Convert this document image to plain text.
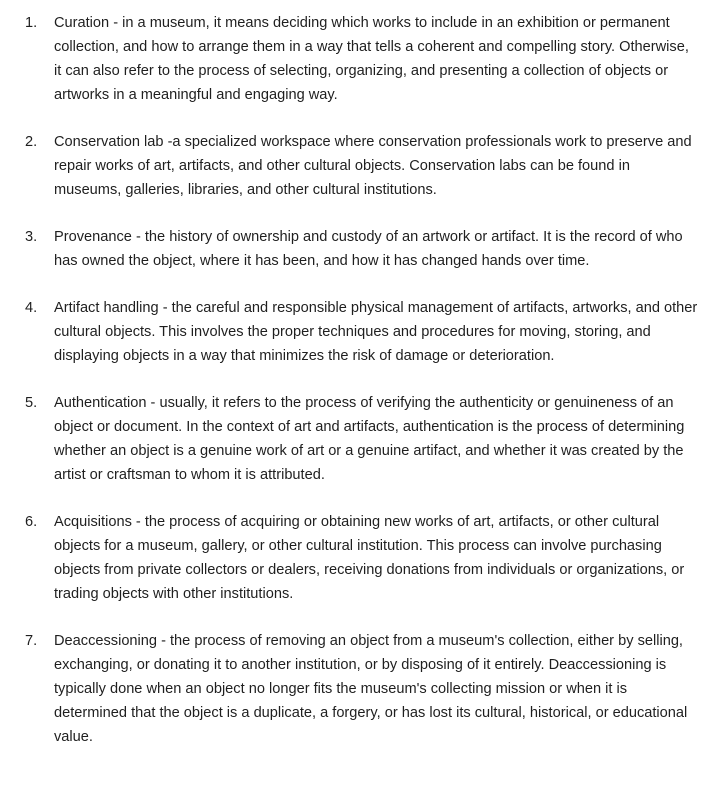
1.	Curation - in a museum, it means deciding which works to include in an exhibition or permanent collection, and how to arrange them in a way that tells a coherent and compelling story. Otherwise, it can also refer to the process of selecting, organizing, and presenting a collection of objects or artworks in a meaningful and engaging way.
2.	Conservation lab -a specialized workspace where conservation professionals work to preserve and repair works of art, artifacts, and other cultural objects. Conservation labs can be found in museums, galleries, libraries, and other cultural institutions.
3.	Provenance - the history of ownership and custody of an artwork or artifact. It is the record of who has owned the object, where it has been, and how it has changed hands over time.
4.	Artifact handling - the careful and responsible physical management of artifacts, artworks, and other cultural objects. This involves the proper techniques and procedures for moving, storing, and displaying objects in a way that minimizes the risk of damage or deterioration.
5.	Authentication - usually, it refers to the process of verifying the authenticity or genuineness of an object or document. In the context of art and artifacts, authentication is the process of determining whether an object is a genuine work of art or a genuine artifact, and whether it was created by the artist or craftsman to whom it is attributed.
6.	Acquisitions - the process of acquiring or obtaining new works of art, artifacts, or other cultural objects for a museum, gallery, or other cultural institution. This process can involve purchasing objects from private collectors or dealers, receiving donations from individuals or organizations, or trading objects with other institutions.
7.	Deaccessioning - the process of removing an object from a museum's collection, either by selling, exchanging, or donating it to another institution, or by disposing of it entirely. Deaccessioning is typically done when an object no longer fits the museum's collecting mission or when it is determined that the object is a duplicate, a forgery, or has lost its cultural, historical, or educational value.
